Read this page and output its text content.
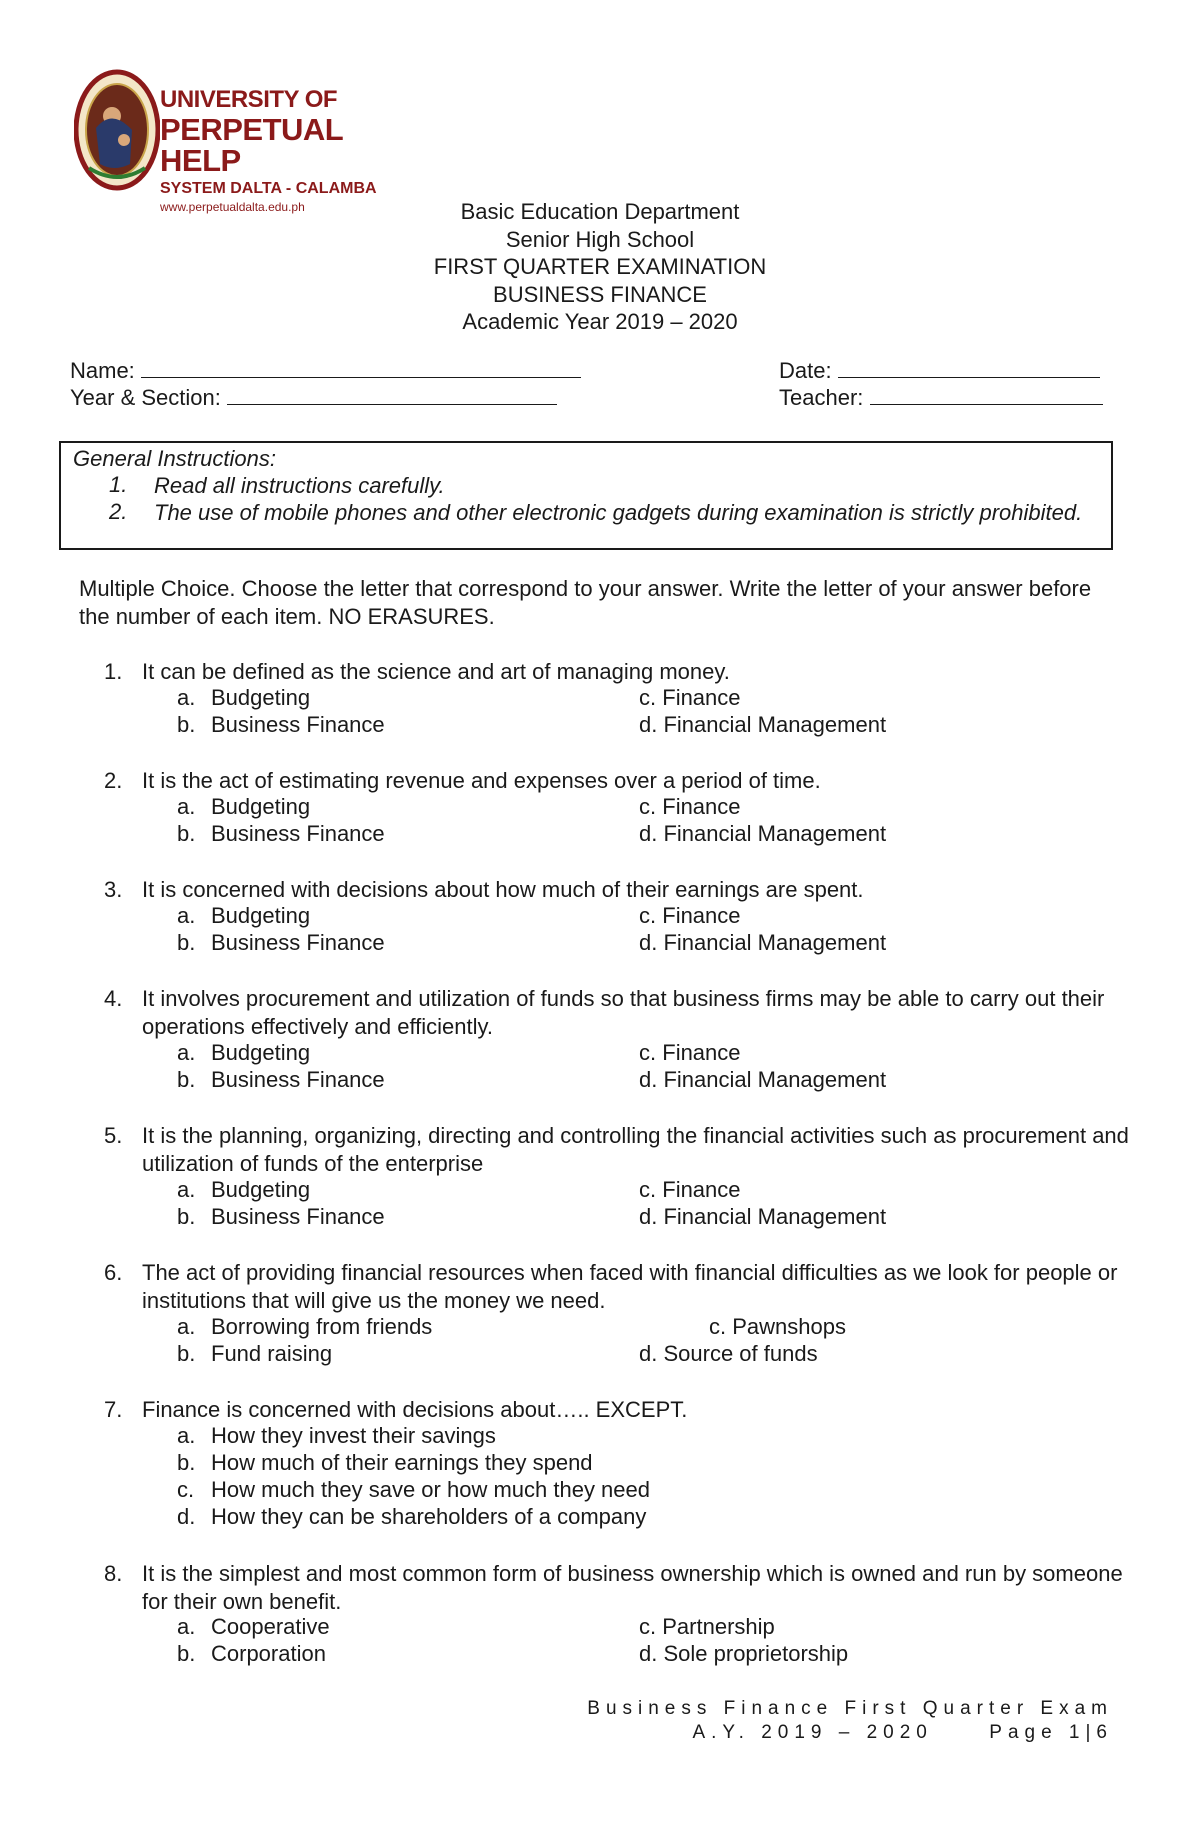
UNIVERSITY OF
PERPETUAL HELP
SYSTEM DALTA - CALAMBA
www.perpetualdalta.edu.ph	Basic Education Department
Senior High School
FIRST QUARTER EXAMINATION
BUSINESS FINANCE
Academic Year 2019 – 2020
Name:	Date:
Year & Section:	Teacher:
General Instructions:
1. Read all instructions carefully.
2. The use of mobile phones and other electronic gadgets during examination is strictly prohibited.
Multiple Choice. Choose the letter that correspond to your answer. Write the letter of your answer before the number of each item. NO ERASURES.
1. It can be defined as the science and art of managing money.
a. Budgeting
b. Business Finance
c. Finance
d. Financial Management
2. It is the act of estimating revenue and expenses over a period of time.
a. Budgeting
b. Business Finance
c. Finance
d. Financial Management
3. It is concerned with decisions about how much of their earnings are spent.
a. Budgeting
b. Business Finance
c. Finance
d. Financial Management
4. It involves procurement and utilization of funds so that business firms may be able to carry out their operations effectively and efficiently.
a. Budgeting
b. Business Finance
c. Finance
d. Financial Management
5. It is the planning, organizing, directing and controlling the financial activities such as procurement and utilization of funds of the enterprise
a. Budgeting
b. Business Finance
c. Finance
d. Financial Management
6. The act of providing financial resources when faced with financial difficulties as we look for people or institutions that will give us the money we need.
a. Borrowing from friends
b. Fund raising
c. Pawnshops
d. Source of funds
7. Finance is concerned with decisions about….. EXCEPT.
a. How they invest their savings
b. How much of their earnings they spend
c. How much they save or how much they need
d. How they can be shareholders of a company
8. It is the simplest and most common form of business ownership which is owned and run by someone for their own benefit.
a. Cooperative
b. Corporation
c. Partnership
d. Sole proprietorship
Business Finance First Quarter Exam
A.Y. 2019 – 2020     Page 1|6
